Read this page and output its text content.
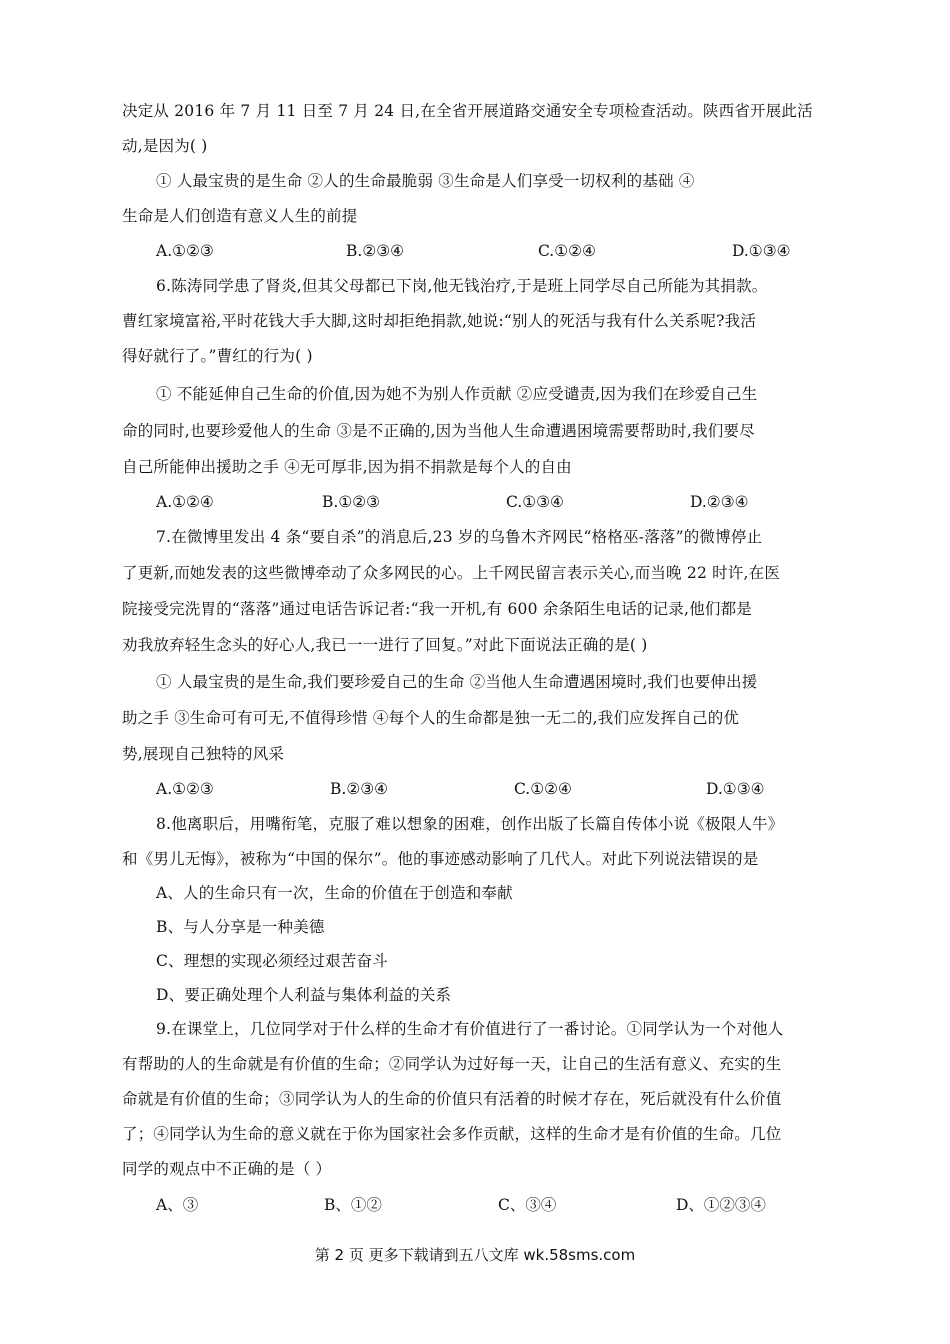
决定从 2016 年 7 月 11 日至 7 月 24 日,在全省开展道路交通安全专项检查活动。陕西省开展此活
动,是因为( )
① 人最宝贵的是生命 ②人的生命最脆弱 ③生命是人们享受一切权利的基础 ④
生命是人们创造有意义人生的前提
A.①②③	B.②③④	C.①②④	D.①③④
6.陈涛同学患了肾炎,但其父母都已下岗,他无钱治疗,于是班上同学尽自己所能为其捐款。
曹红家境富裕,平时花钱大手大脚,这时却拒绝捐款,她说:“别人的死活与我有什么关系呢?我活
得好就行了。”曹红的行为( )
① 不能延伸自己生命的价值,因为她不为别人作贡献 ②应受谴责,因为我们在珍爱自己生
命的同时,也要珍爱他人的生命 ③是不正确的,因为当他人生命遭遇困境需要帮助时,我们要尽
自己所能伸出援助之手 ④无可厚非,因为捐不捐款是每个人的自由
A.①②④	B.①②③	C.①③④	D.②③④
7.在微博里发出 4 条“要自杀”的消息后,23 岁的乌鲁木齐网民“格格巫-落落”的微博停止
了更新,而她发表的这些微博牵动了众多网民的心。上千网民留言表示关心,而当晚 22 时许,在医
院接受完洗胃的“落落”通过电话告诉记者:“我一开机,有 600 余条陌生电话的记录,他们都是
劝我放弃轻生念头的好心人,我已一一进行了回复。”对此下面说法正确的是( )
① 人最宝贵的是生命,我们要珍爱自己的生命 ②当他人生命遭遇困境时,我们也要伸出援
助之手 ③生命可有可无,不值得珍惜 ④每个人的生命都是独一无二的,我们应发挥自己的优
势,展现自己独特的风采
A.①②③	B.②③④	C.①②④	D.①③④
8.他离职后，用嘴衔笔，克服了难以想象的困难，创作出版了长篇自传体小说《极限人牛》
和《男儿无悔》，被称为“中国的保尔”。他的事迹感动影响了几代人。对此下列说法错误的是
A、人的生命只有一次，生命的价值在于创造和奉献
B、与人分享是一种美德
C、理想的实现必须经过艰苦奋斗
D、要正确处理个人利益与集体利益的关系
9.在课堂上，几位同学对于什么样的生命才有价值进行了一番讨论。①同学认为一个对他人
有帮助的人的生命就是有价值的生命；②同学认为过好每一天，让自己的生活有意义、充实的生
命就是有价值的生命；③同学认为人的生命的价值只有活着的时候才存在，死后就没有什么价值
了；④同学认为生命的意义就在于你为国家社会多作贡献，这样的生命才是有价值的生命。几位
同学的观点中不正确的是（ ）
A、③	B、①②	C、③④	D、①②③④
第 2 页 更多下载请到五八文库 wk.58sms.com
